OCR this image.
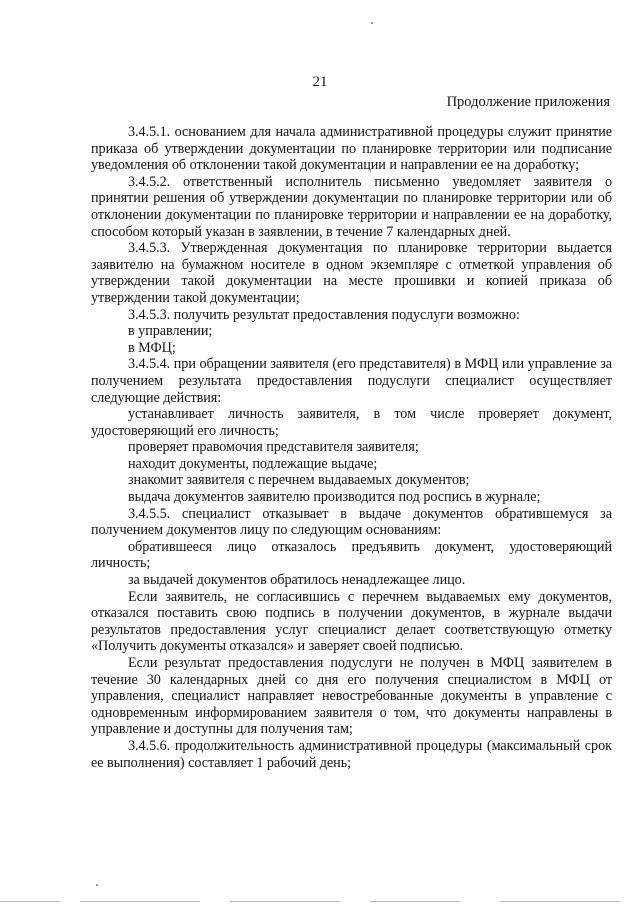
21
Продолжение приложения

3.4.5.1. основанием для начала административной процедуры служит принятие приказа об утверждении документации по планировке территории или подписание уведомления об отклонении такой документации и направлении ее на доработку;

3.4.5.2. ответственный исполнитель письменно уведомляет заявителя о принятии решения об утверждении документации по планировке территории или об отклонении документации по планировке территории и направлении ее на доработку, способом который указан в заявлении, в течение 7 календарных дней.

3.4.5.3. Утвержденная документация по планировке территории выдается заявителю на бумажном носителе в одном экземпляре с отметкой управления об утверждении такой документации на месте прошивки и копией приказа об утверждении такой документации;

3.4.5.3. получить результат предоставления подуслуги возможно:

в управлении;

в МФЦ;

3.4.5.4. при обращении заявителя (его представителя) в МФЦ или управление за получением результата предоставления подуслуги специалист осуществляет следующие действия:

устанавливает личность заявителя, в том числе проверяет документ, удостоверяющий его личность;

проверяет правомочия представителя заявителя;

находит документы, подлежащие выдаче;

знакомит заявителя с перечнем выдаваемых документов;

выдача документов заявителю производится под роспись в журнале;

3.4.5.5. специалист отказывает в выдаче документов обратившемуся за получением документов лицу по следующим основаниям:

обратившееся лицо отказалось предъявить документ, удостоверяющий личность;

за выдачей документов обратилось ненадлежащее лицо.

Если заявитель, не согласившись с перечнем выдаваемых ему документов, отказался поставить свою подпись в получении документов, в журнале выдачи результатов предоставления услуг специалист делает соответствующую отметку «Получить документы отказался» и заверяет своей подписью.

Если результат предоставления подуслуги не получен в МФЦ заявителем в течение 30 календарных дней со дня его получения специалистом в МФЦ от управления, специалист направляет невостребованные документы в управление с одновременным информированием заявителя о том, что документы направлены в управление и доступны для получения там;

3.4.5.6. продолжительность административной процедуры (максимальный срок ее выполнения) составляет 1 рабочий день;
